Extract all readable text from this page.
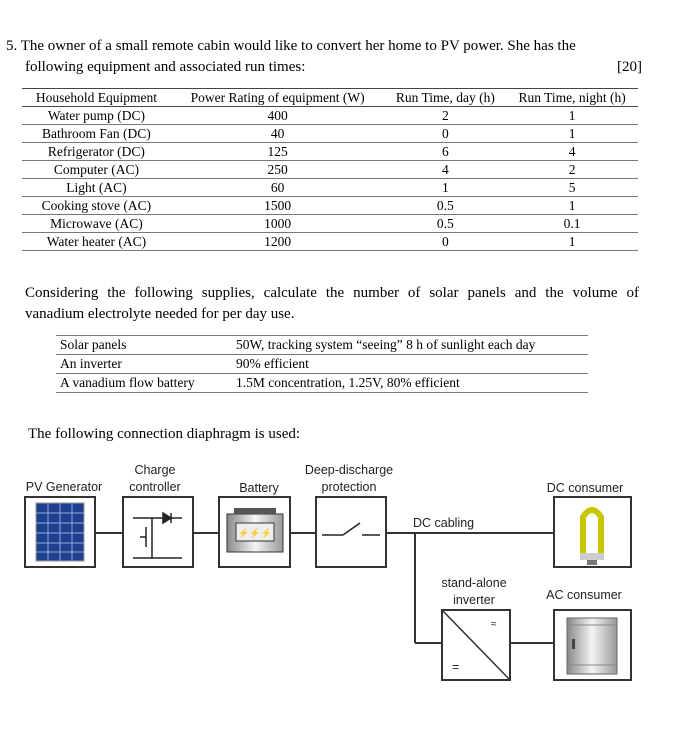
5. The owner of a small remote cabin would like to convert her home to PV power. She has the
following equipment and associated run times:	[20]
Household Equipment	Power Rating of equipment (W)	Run Time, day (h)	Run Time, night (h)
Water pump (DC)	400	2	1
Bathroom Fan (DC)	40	0	1
Refrigerator (DC)	125	6	4
Computer (AC)	250	4	2
Light (AC)	60	1	5
Cooking stove (AC)	1500	0.5	1
Microwave (AC)	1000	0.5	0.1
Water heater (AC)	1200	0	1
Considering the following supplies, calculate the number of solar panels and the volume of
vanadium electrolyte needed for per day use.
Solar panels	50W, tracking system “seeing” 8 h of sunlight each day
An inverter	90% efficient
A vanadium flow battery	1.5M concentration, 1.25V, 80% efficient
The following connection diaphragm is used:
⚡⚡⚡
≈
=
PV Generator
Charge
controller	Battery
Deep-discharge
protection
DC cabling
DC consumer
stand-alone
inverter	AC consumer
